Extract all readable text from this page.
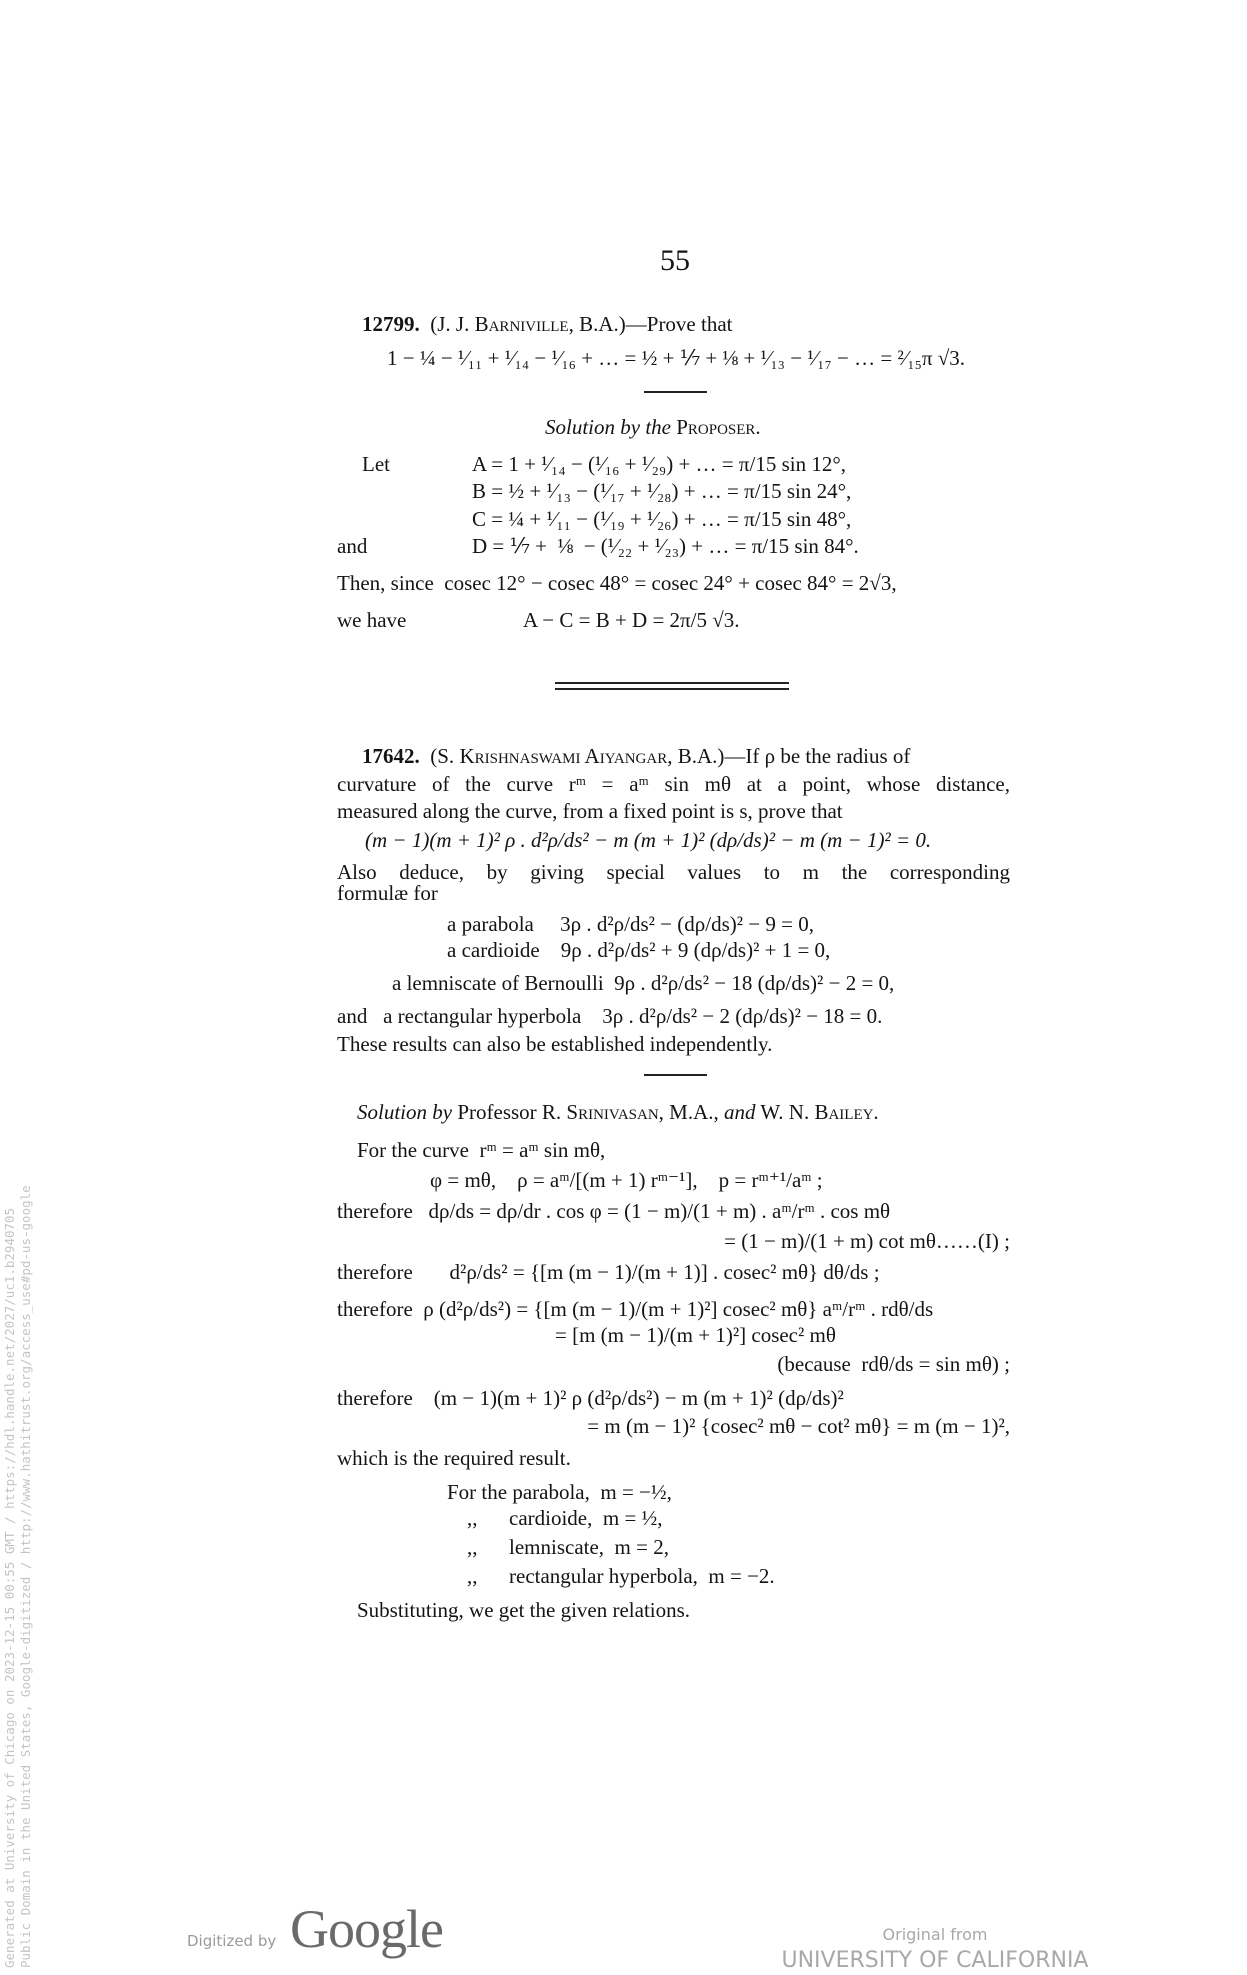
55
12799. (J. J. Barniville, B.A.)—Prove that
1 − ¼ − ¹⁄₁₁ + ¹⁄₁₄ − ¹⁄₁₆ + … = ½ + ⅐ + ⅛ + ¹⁄₁₃ − ¹⁄₁₇ − … = ²⁄₁₅π √3.
Solution by the Proposer.
Let	A = 1 + ¹⁄₁₄ − (¹⁄₁₆ + ¹⁄₂₉) + … = π/15 sin 12°,
B = ½ + ¹⁄₁₃ − (¹⁄₁₇ + ¹⁄₂₈) + … = π/15 sin 24°,
C = ¼ + ¹⁄₁₁ − (¹⁄₁₉ + ¹⁄₂₆) + … = π/15 sin 48°,
and	D = ⅐ +  ⅛  − (¹⁄₂₂ + ¹⁄₂₃) + … = π/15 sin 84°.
Then, since  cosec 12° − cosec 48° = cosec 24° + cosec 84° = 2√3,
we have	A − C = B + D = 2π/5 √3.
17642. (S. Krishnaswami Aiyangar, B.A.)—If ρ be the radius of
curvature of the curve rᵐ = aᵐ sin mθ at a point, whose distance,
measured along the curve, from a fixed point is s, prove that
(m − 1)(m + 1)² ρ . d²ρ/ds² − m (m + 1)² (dρ/ds)² − m (m − 1)² = 0.
Also deduce, by giving special values to m the corresponding
formulæ for
a parabola     3ρ . d²ρ/ds² − (dρ/ds)² − 9 = 0,
a cardioide    9ρ . d²ρ/ds² + 9 (dρ/ds)² + 1 = 0,
a lemniscate of Bernoulli  9ρ . d²ρ/ds² − 18 (dρ/ds)² − 2 = 0,
and   a rectangular hyperbola    3ρ . d²ρ/ds² − 2 (dρ/ds)² − 18 = 0.
These results can also be established independently.
Solution by Professor R. Srinivasan, M.A., and W. N. Bailey.
For the curve  rᵐ = aᵐ sin mθ,
φ = mθ,    ρ = aᵐ/[(m + 1) rᵐ⁻¹],    p = rᵐ⁺¹/aᵐ ;
therefore   dρ/ds = dρ/dr . cos φ = (1 − m)/(1 + m) . aᵐ/rᵐ . cos mθ
= (1 − m)/(1 + m) cot mθ……(I) ;
therefore       d²ρ/ds² = {[m (m − 1)/(m + 1)] . cosec² mθ} dθ/ds ;
therefore  ρ (d²ρ/ds²) = {[m (m − 1)/(m + 1)²] cosec² mθ} aᵐ/rᵐ . rdθ/ds
= [m (m − 1)/(m + 1)²] cosec² mθ
(because  rdθ/ds = sin mθ) ;
therefore    (m − 1)(m + 1)² ρ (d²ρ/ds²) − m (m + 1)² (dρ/ds)²
= m (m − 1)² {cosec² mθ − cot² mθ} = m (m − 1)²,
which is the required result.
For the parabola,  m = −½,
,,      cardioide,  m = ½,
,,      lemniscate,  m = 2,
,,      rectangular hyperbola,  m = −2.
Substituting, we get the given relations.
Generated at University of Chicago on 2023-12-15 00:55 GMT / https://hdl.handle.net/2027/uc1.b2940705 Public Domain in the United States, Google-digitized / http://www.hathitrust.org/access_use#pd-us-google	Digitized by Google	Original from
UNIVERSITY OF CALIFORNIA
